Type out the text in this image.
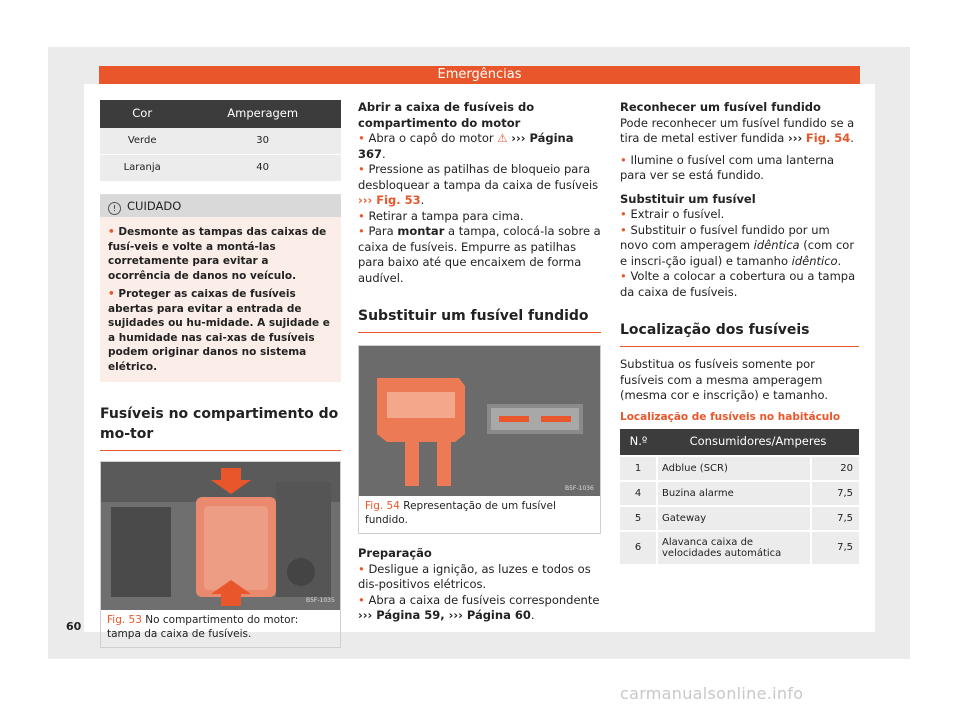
Emergências
Cor	Amperagem
Verde	30
Laranja	40
! CUIDADO

• Desmonte as tampas das caixas de fusí-veis e volte a montá-las corretamente para evitar a ocorrência de danos no veículo.

• Proteger as caixas de fusíveis abertas para evitar a entrada de sujidades ou hu-midade. A sujidade e a humidade nas cai-xas de fusíveis podem originar danos no sistema elétrico.

Fusíveis no compartimento do mo-tor
B5F-1035
Fig. 53 No compartimento do motor: tampa da caixa de fusíveis.

Abrir a caixa de fusíveis do compartimento do motor

• Abra o capô do motor ⚠ ››› Página 367.

• Pressione as patilhas de bloqueio para desbloquear a tampa da caixa de fusíveis ››› Fig. 53.

• Retirar a tampa para cima.

• Para montar a tampa, colocá-la sobre a caixa de fusíveis. Empurre as patilhas para baixo até que encaixem de forma audível.

Substituir um fusível fundido
B5F-1036
Fig. 54 Representação de um fusível fundido.

Preparação

• Desligue a ignição, as luzes e todos os dis-positivos elétricos.

• Abra a caixa de fusíveis correspondente ››› Página 59, ››› Página 60.

Reconhecer um fusível fundido

Pode reconhecer um fusível fundido se a tira de metal estiver fundida ››› Fig. 54.

• Ilumine o fusível com uma lanterna para ver se está fundido.

Substituir um fusível

• Extrair o fusível.

• Substituir o fusível fundido por um novo com amperagem idêntica (com cor e inscri-ção igual) e tamanho idêntico.

• Volte a colocar a cobertura ou a tampa da caixa de fusíveis.

Localização dos fusíveis

Substitua os fusíveis somente por fusíveis com a mesma amperagem (mesma cor e inscrição) e tamanho.

Localização de fusíveis no habitáculo

N.º	Consumidores/Amperes	
1	Adblue (SCR)	20
4	Buzina alarme	7,5
5	Gateway	7,5
6	Alavanca caixa de velocidades automática	7,5
60
carmanualsonline.info
